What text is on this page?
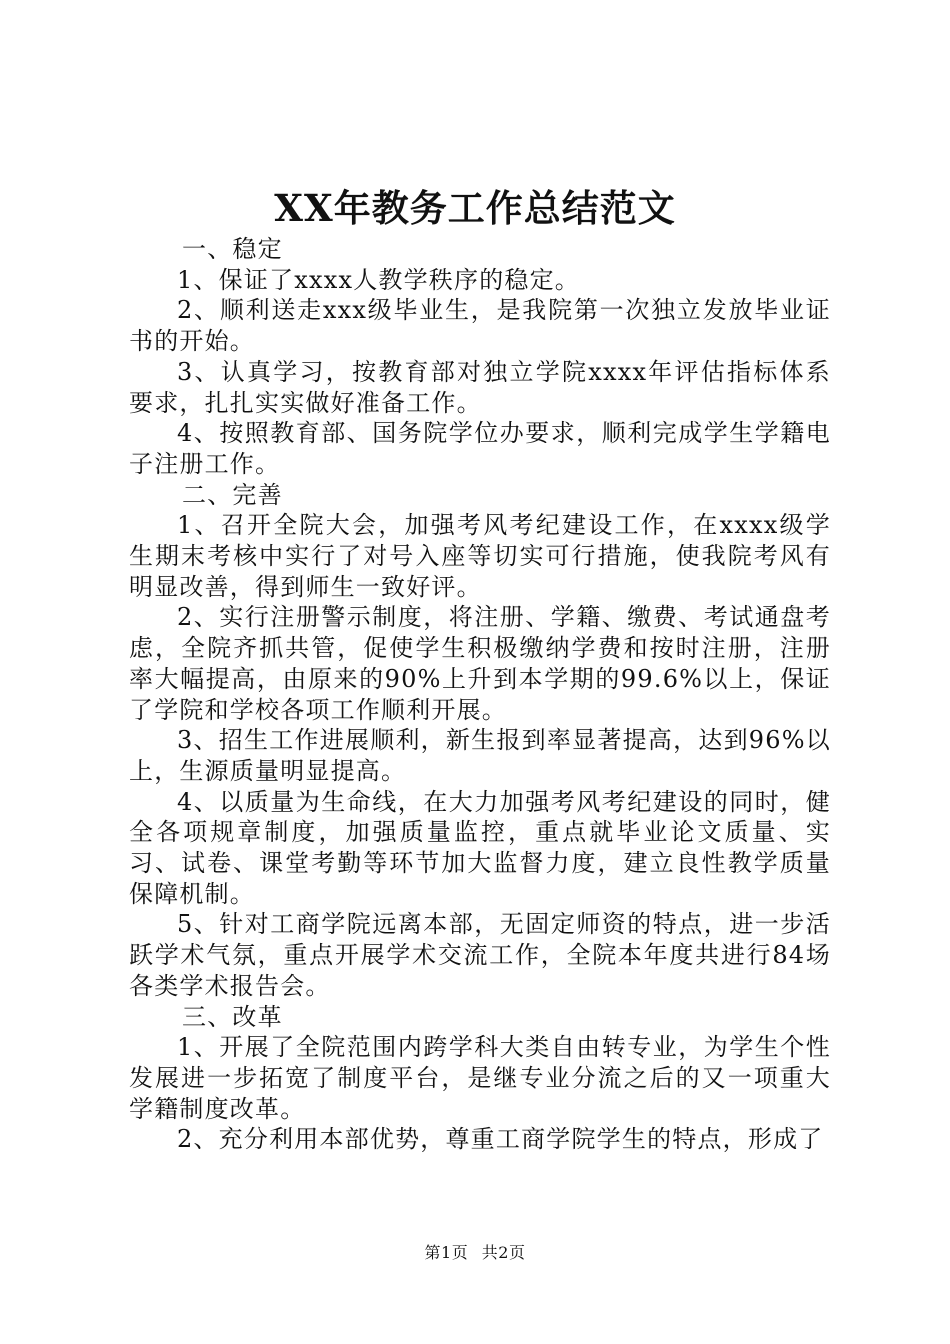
XX年教务工作总结范文

一、稳定

1、保证了xxxx人教学秩序的稳定。

2、顺利送走xxx级毕业生，是我院第一次独立发放毕业证书的开始。

3、认真学习，按教育部对独立学院xxxx年评估指标体系要求，扎扎实实做好准备工作。

4、按照教育部、国务院学位办要求，顺利完成学生学籍电子注册工作。

二、完善

1、召开全院大会，加强考风考纪建设工作，在xxxx级学生期末考核中实行了对号入座等切实可行措施，使我院考风有明显改善，得到师生一致好评。

2、实行注册警示制度，将注册、学籍、缴费、考试通盘考虑，全院齐抓共管，促使学生积极缴纳学费和按时注册，注册率大幅提高，由原来的90%上升到本学期的99.6%以上，保证了学院和学校各项工作顺利开展。

3、招生工作进展顺利，新生报到率显著提高，达到96%以上，生源质量明显提高。

4、以质量为生命线，在大力加强考风考纪建设的同时，健全各项规章制度，加强质量监控，重点就毕业论文质量、实习、试卷、课堂考勤等环节加大监督力度，建立良性教学质量保障机制。

5、针对工商学院远离本部，无固定师资的特点，进一步活跃学术气氛，重点开展学术交流工作，全院本年度共进行84场各类学术报告会。

三、改革

1、开展了全院范围内跨学科大类自由转专业，为学生个性发展进一步拓宽了制度平台，是继专业分流之后的又一项重大学籍制度改革。

2、充分利用本部优势，尊重工商学院学生的特点，形成了

第1页 共2页
